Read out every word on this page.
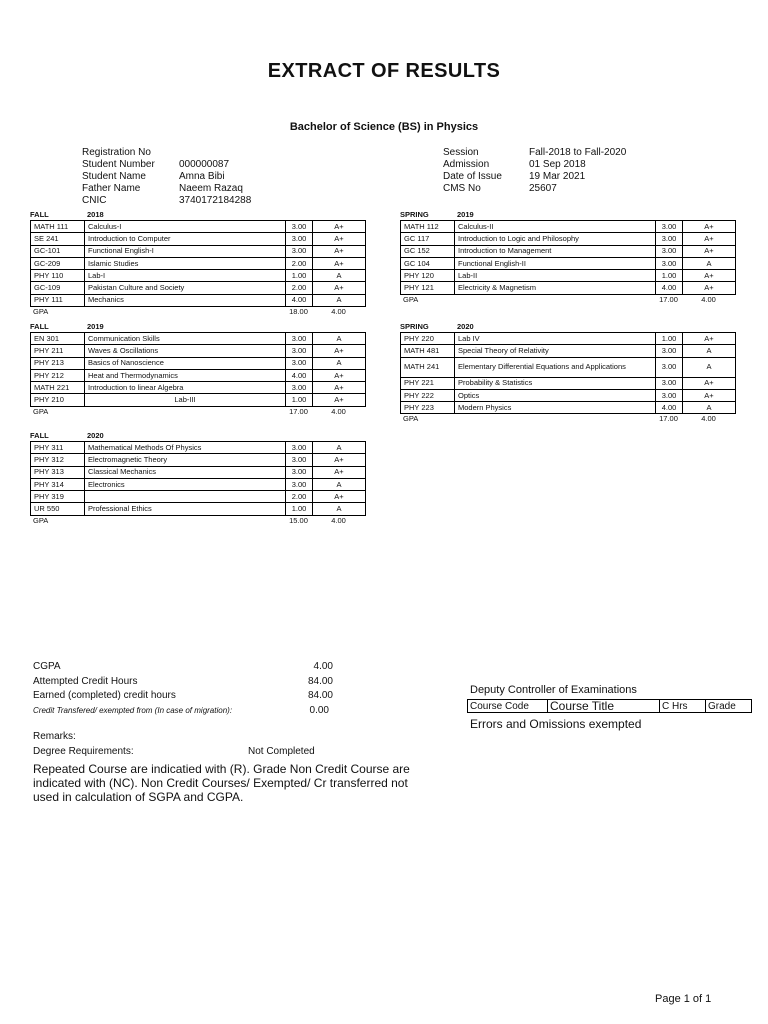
EXTRACT OF RESULTS
Bachelor of Science (BS) in Physics
Registration No
Student Number	000000087
Student Name	Amna Bibi
Father Name	Naeem Razaq
CNIC	3740172184288
Session	Fall-2018 to Fall-2020
Admission	01 Sep 2018
Date of Issue	19 Mar 2021
CMS No	25607
FALL	2018
MATH 111	Calculus-I	3.00	A+
SE 241	Introduction to Computer	3.00	A+
GC-101	Functional English-I	3.00	A+
GC-209	Islamic Studies	2.00	A+
PHY 110	Lab-I	1.00	A
GC-109	Pakistan Culture and Society	2.00	A+
PHY 111	Mechanics	4.00	A
GPA	18.00	4.00
SPRING	2019
MATH 112	Calculus-II	3.00	A+
GC 117	Introduction to Logic and Philosophy	3.00	A+
GC 152	Introduction to Management	3.00	A+
GC 104	Functional English-II	3.00	A
PHY 120	Lab-II	1.00	A+
PHY 121	Electricity & Magnetism	4.00	A+
GPA	17.00	4.00
FALL	2019
EN 301	Communication Skills	3.00	A
PHY 211	Waves & Oscillations	3.00	A+
PHY 213	Basics of Nanoscience	3.00	A
PHY 212	Heat and Thermodynamics	4.00	A+
MATH 221	Introduction to linear Algebra	3.00	A+
PHY 210	Lab-III	1.00	A+
GPA	17.00	4.00
SPRING	2020
PHY 220	Lab IV	1.00	A+
MATH 481	Special Theory of Relativity	3.00	A
MATH 241	Elementary Differential Equations and Applications	3.00	A
PHY 221	Probability & Statistics	3.00	A+
PHY 222	Optics	3.00	A+
PHY 223	Modern Physics	4.00	A
GPA	17.00	4.00
FALL	2020
PHY 311	Mathematical Methods Of Physics	3.00	A
PHY 312	Electromagnetic Theory	3.00	A+
PHY 313	Classical Mechanics	3.00	A+
PHY 314	Electronics	3.00	A
PHY 319		2.00	A+
UR 550	Professional Ethics	1.00	A
GPA	15.00	4.00
CGPA	4.00
Attempted Credit Hours	84.00
Earned (completed) credit hours	84.00
Credit Transfered/ exempted from (In case of migration):	0.00
Deputy Controller of Examinations
Course Code	Course Title	C Hrs	Grade
Errors and Omissions exempted
Remarks:
Degree Requirements:	Not Completed
Repeated Course are indicatied with (R). Grade Non Credit Course are indicated with (NC). Non Credit Courses/ Exempted/ Cr transferred not used in calculation of SGPA and CGPA.
Page 1 of 1
